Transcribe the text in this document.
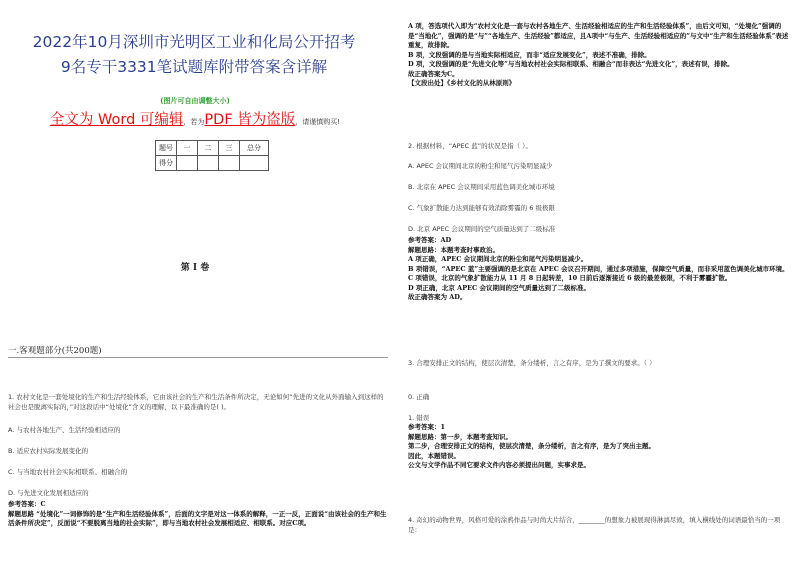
2022年10月深圳市光明区工业和化局公开招考
9名专干3331笔试题库附带答案含详解
(图片可自由调整大小)
全文为 Word 可编辑，若为PDF 皆为盗版，请谨慎购买!
题号	一	二	三	总分
得分				
第 I 卷
一.客观题部分(共200题)
1. 农村文化是一套处境化的生产和生活经验体系，它由该社会的生产和生活条件所决定，无论如何“先进的文化从外面输入到这样的社会也是脱离实际的，”对这段话中“处境化”含义的理解，以下最准确的是( )。
A. 与农村各地生产、生活经验相适应的
B. 适应农村实际发展变化的
C. 与当地农村社会实际相联系、相融合的
D. 与先进文化发展相适应的
参考答案：C
解题思路 “处境化”一词修饰的是“生产和生活经验体系”，后面的文字是对这一体系的解释，一正一反，正面说“由该社会的生产和生活条件所决定”，反面说“不要脱离当地的社会实际”，即与当地农村社会发展相适应、相联系。对应C项。
A 项，答选项代入即为“农村文化是一套与农村各地生产、生活经验相适应的生产和生活经验体系”，由后文可知，“处境化”强调的是“当地化”，强调的是“与”“各地生产、生活经验”都适应，且A项中“与生产、生活经验相适应的”与文中“生产和生活经验体系”表述重复，故排除。
B 项，文段强调的是与当地实际相适应，而非“适应发展变化”，表述不准确，排除。
D 项，文段强调的是“先进文化等”与当地农村社会实际相联系、相融合“而非表达“先进文化”，表述有误，排除。
故正确答案为C。
【文段出处】《乡村文化的从林原则》
2. 根据材料，“APEC 蓝”的状况是指（ ）。
A. APEC 会议期间北京的粉尘和尾气污染明显减少
B. 北京在 APEC 会议期间采用蓝色调美化城市环境
C. 气象扩散能力达到能够有效消除雾霾的 6 级极限
D. 北京 APEC 会议期间的空气质量达到了二级标准
参考答案：AD
解题思路：本题考查时事政治。
A 项正确，APEC 会议期间北京的粉尘和尾气污染明显减少。
B 项错误，“APEC 蓝”主要强调的是北京在 APEC 会议召开期间，通过多项措施，保障空气质量，而非采用蓝色调美化城市环境。
C 项错误，北京的气象扩散能力从 11 月 8 日起转差，10 日前后逐渐接近 6 级的最差极限，不利于雾霾扩散。
D 项正确，北京 APEC 会议期间的空气质量达到了二级标准。
故正确答案为 AD。
3. 合理安排正文的结构，使层次清楚，条分缕析，言之有序，是为了撰文的要求。（ ）
0. 正确
1. 错误
参考答案：1
解题思路：第一步，本题考查知识。
第二步，合理安排正文的结构，使层次清楚，条分缕析，言之有序，是为了突出主题。
因此，本题错误。
公文与文学作品不同它要求文件内容必须提出问题，实事求是。
4. 奇幻的动物世界，风格可爱的涂鸦作品与时尚大片结合，________的想象力被展现得淋漓尽致，填入横线处的词语最恰当的一项是：
